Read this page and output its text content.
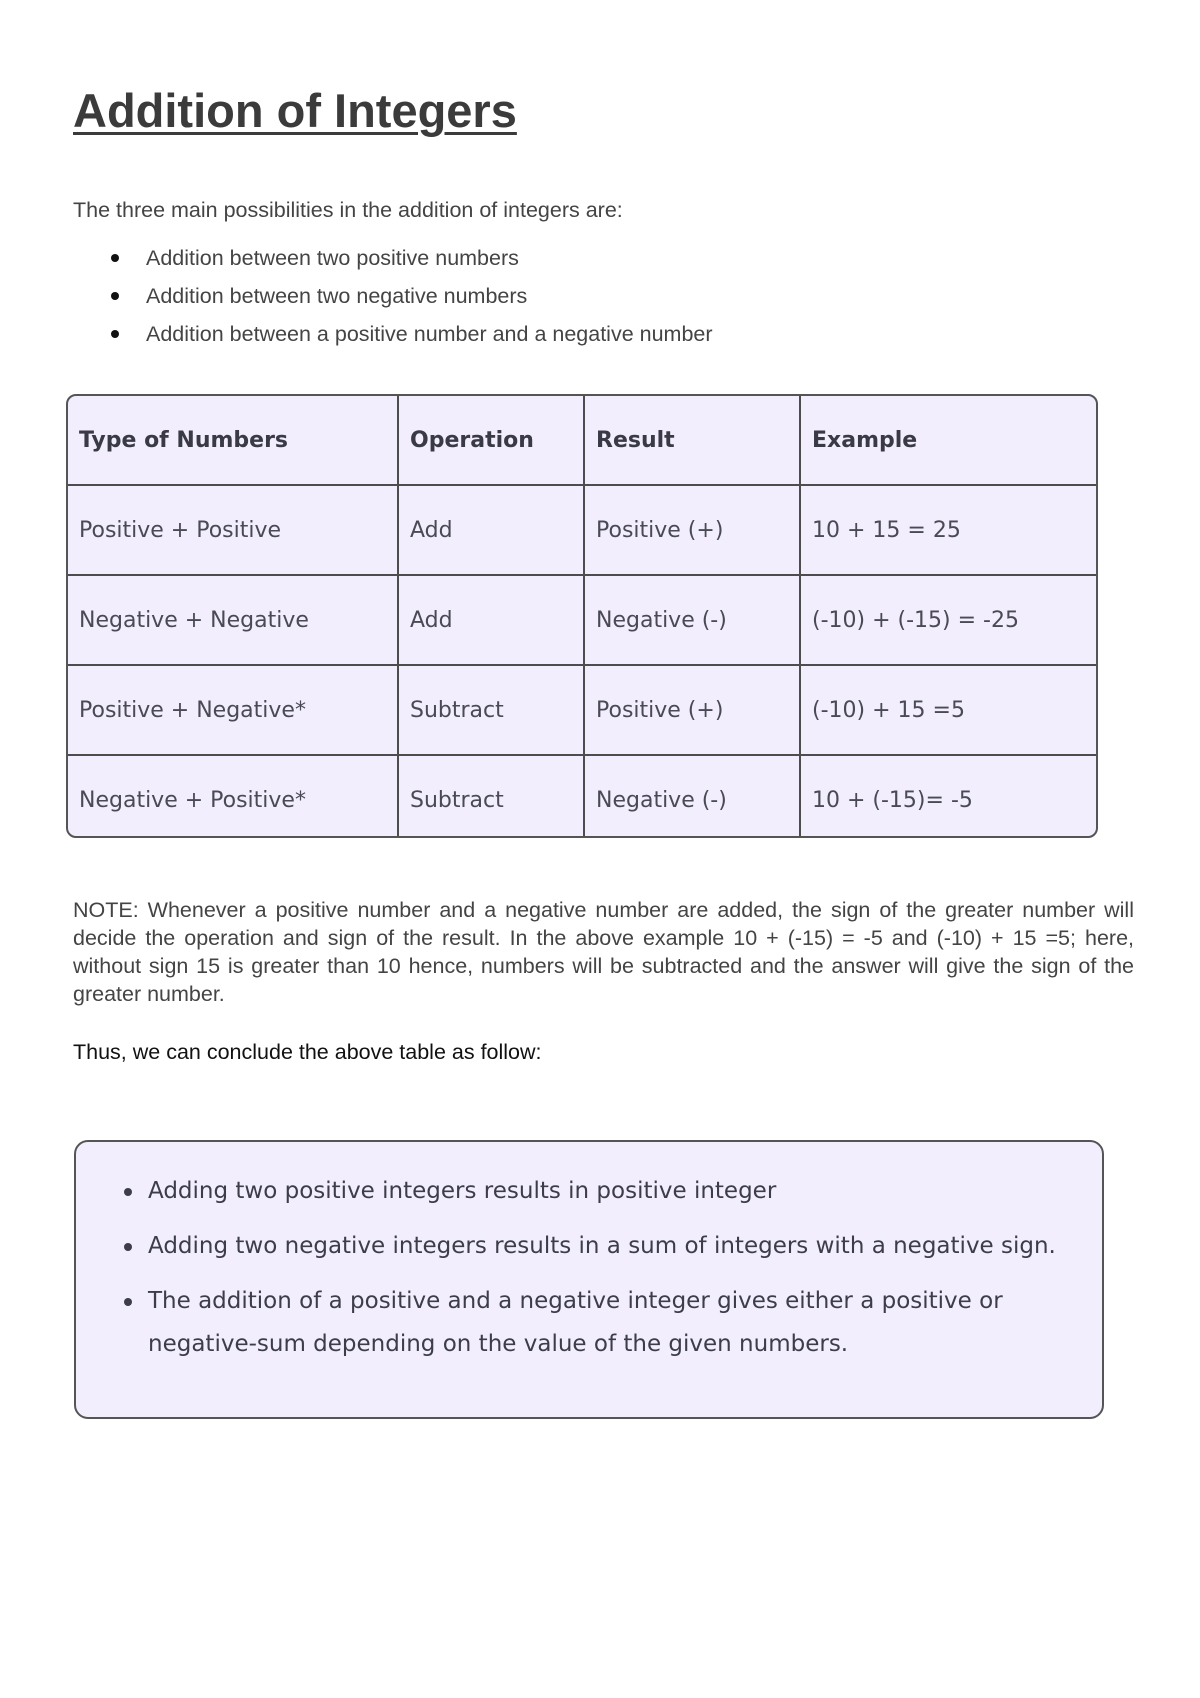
Addition of Integers

The three main possibilities in the addition of integers are:

Addition between two positive numbers
Addition between two negative numbers
Addition between a positive number and a negative number
Type of Numbers	Operation	Result	Example
Positive + Positive	Add	Positive (+)	10 + 15 = 25
Negative + Negative	Add	Negative (-)	(-10) + (-15) = -25
Positive + Negative*	Subtract	Positive (+)	(-10) + 15 =5
Negative + Positive*	Subtract	Negative (-)	10 + (-15)= -5

NOTE: Whenever a positive number and a negative number are added, the sign of the greater number will decide the operation and sign of the result. In the above example 10 + (-15) = -5 and (-10) + 15 =5; here, without sign 15 is greater than 10 hence, numbers will be subtracted and the answer will give the sign of the greater number.

Thus, we can conclude the above table as follow:

Adding two positive integers results in positive integer
Adding two negative integers results in a sum of integers with a negative sign.
The addition of a positive and a negative integer gives either a positive or negative-sum depending on the value of the given numbers.
